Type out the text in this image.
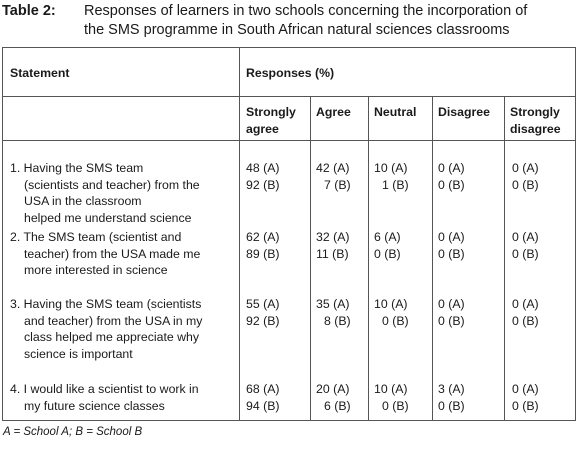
Table 2: Responses of learners in two schools concerning the incorporation of
the SMS programme in South African natural sciences classrooms
Statement	Responses (%)
Strongly
agree
Agree Neutral Disagree Strongly
disagree
1. Having the SMS team
(scientists and teacher) from the
USA in the classroom
helped me understand science
48 (A)
92 (B)
42 (A)
7 (B)
10 (A)
1 (B)
0 (A)
0 (B)
0 (A)
0 (B)
2. The SMS team (scientist and
teacher) from the USA made me
more interested in science
62 (A)
89 (B)
32 (A)
11 (B)
6 (A)
0 (B)
0 (A)
0 (B)
0 (A)
0 (B)
3. Having the SMS team (scientists
and teacher) from the USA in my
class helped me appreciate why
science is important
55 (A)
92 (B)
35 (A)
8 (B)
10 (A)
0 (B)
0 (A)
0 (B)
0 (A)
0 (B)
4. I would like a scientist to work in
my future science classes
68 (A)
94 (B)
20 (A)
6 (B)
10 (A)
0 (B)
3 (A)
0 (B)
0 (A)
0 (B)
A = School A; B = School B
